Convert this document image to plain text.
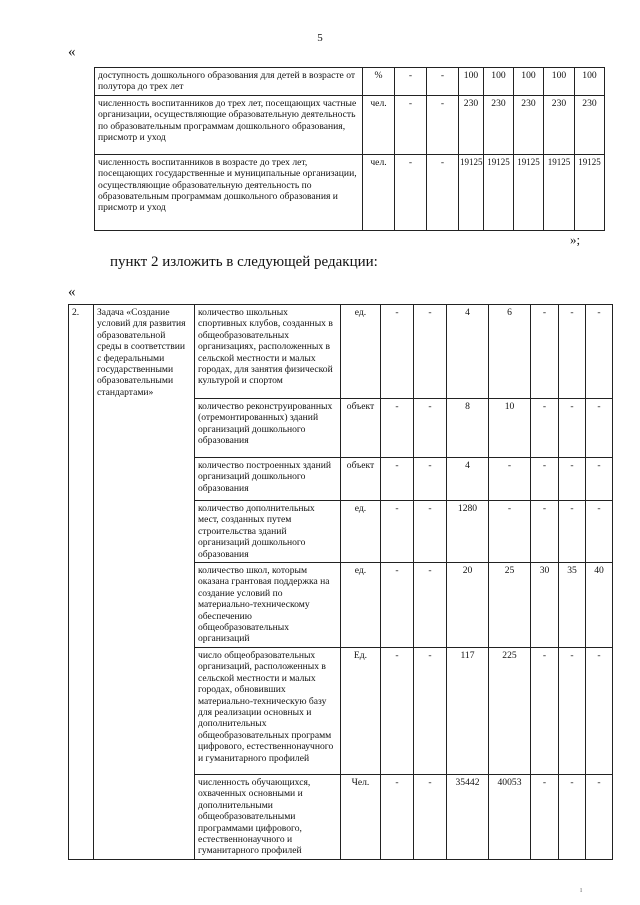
5
«
доступность дошкольного образования для детей в возрасте от полутора до трех лет	%	-	-	100	100	100	100	100
численность воспитанников до трех лет, посещающих частные организации, осуществляющие образовательную деятельность по образовательным программам дошкольного образования, присмотр и уход	чел.	-	-	230	230	230	230	230
численность воспитанников в возрасте до трех лет, посещающих государственные и муниципальные организации, осуществляющие образовательную деятельность по образовательным программам дошкольного образования и присмотр и уход	чел.	-	-	19125	19125	19125	19125	19125
»;
пункт 2 изложить в следующей редакции:
«
2.	Задача «Создание условий для развития образовательной среды в соответствии с федеральными государственными образовательными стандартами»	количество школьных спортивных клубов, созданных в общеобразовательных организациях, расположенных в сельской местности и малых городах, для занятия физической культурой и спортом	ед.	-	-	4	6	-	-	-
		количество реконструированных (отремонтированных) зданий организаций дошкольного образования	объект	-	-	8	10	-	-	-
		количество построенных зданий организаций дошкольного образования	объект	-	-	4	-	-	-	-
		количество дополнительных мест, созданных путем строительства зданий организаций дошкольного образования	ед.	-	-	1280	-	-	-	-
		количество школ, которым оказана грантовая поддержка на создание условий по материально-техническому обеспечению общеобразовательных организаций	ед.	-	-	20	25	30	35	40
		число общеобразовательных организаций, расположенных в сельской местности и малых городах, обновивших материально-техническую базу для реализации основных и дополнительных общеобразовательных программ цифрового, естественнонаучного и гуманитарного профилей	Ед.	-	-	117	225	-	-	-
		численность обучающихся, охваченных основными и дополнительными общеобразовательными программами цифрового, естественнонаучного и гуманитарного профилей	Чел.	-	-	35442	40053	-	-	-
ı
